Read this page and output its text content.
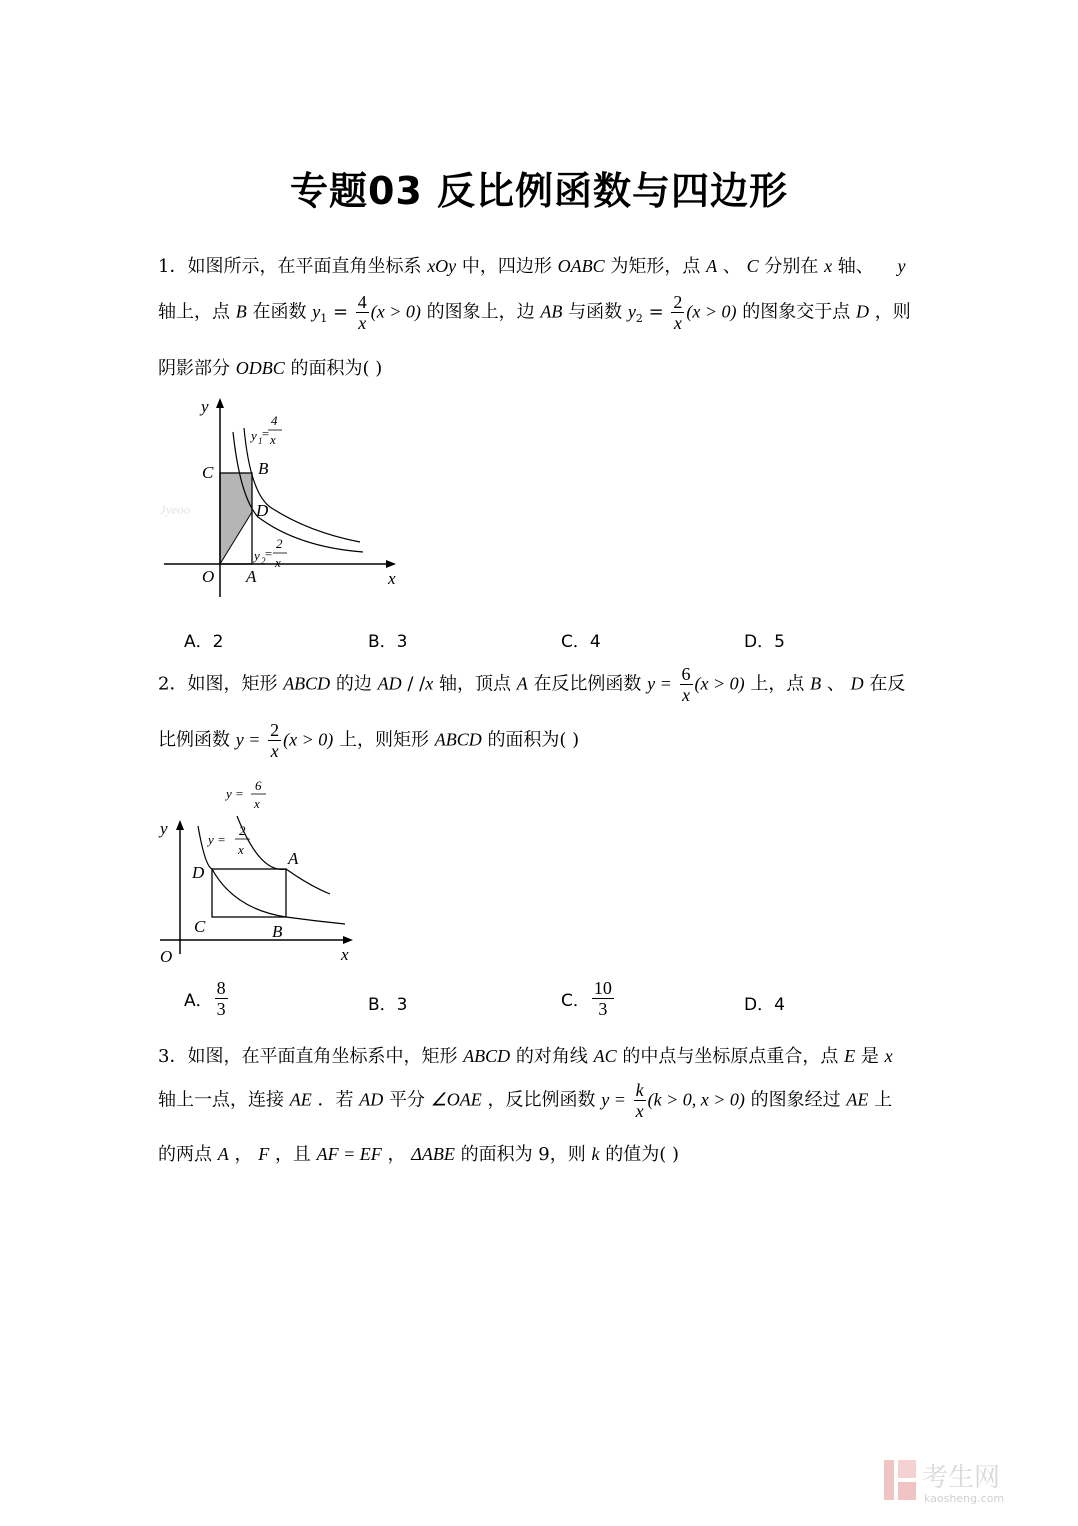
专题03 反比例函数与四边形
1．如图所示，在平面直角坐标系 xOy 中，四边形 OABC 为矩形，点 A 、 C 分别在 x 轴、 y
轴上，点 B 在函数 $y_1 = \frac{4}{x} (x > 0)$ 的图象上，边 AB 与函数 $y_2 = \frac{2}{x} (x > 0)$ 的图象交于点 D ，则
阴影部分 ODBC 的面积为( )
Jyeoo
y
x
O A
C	B
D
y 1
=
4
x
y 2
=
2
x
A．2	B．3	C．4	D．5
2．如图，矩形 ABCD 的边 AD / /x 轴，顶点 A 在反比例函数 $y = \frac{6}{x} (x > 0)$ 上，点 B 、 D 在反
比例函数 $y = \frac{2}{x} (x > 0)$ 上，则矩形 ABCD 的面积为( )
y
x
O
D
A
C	B
y =
6
x
y =
2
x
A． $\frac{8}{3}$	B．3	C． $\frac{10}{3}$	D．4
3．如图，在平面直角坐标系中，矩形 ABCD 的对角线 AC 的中点与坐标原点重合，点 E 是 x
轴上一点，连接 AE ．若 AD 平分 ∠OAE ，反比例函数 $y = \frac{k}{x} (k > 0$, x > 0) 的图象经过 AE 上
的两点 A ， F ，且 AF = EF ， ΔABE 的面积为 9，则 k 的值为( )
考生网
kaosheng.com
